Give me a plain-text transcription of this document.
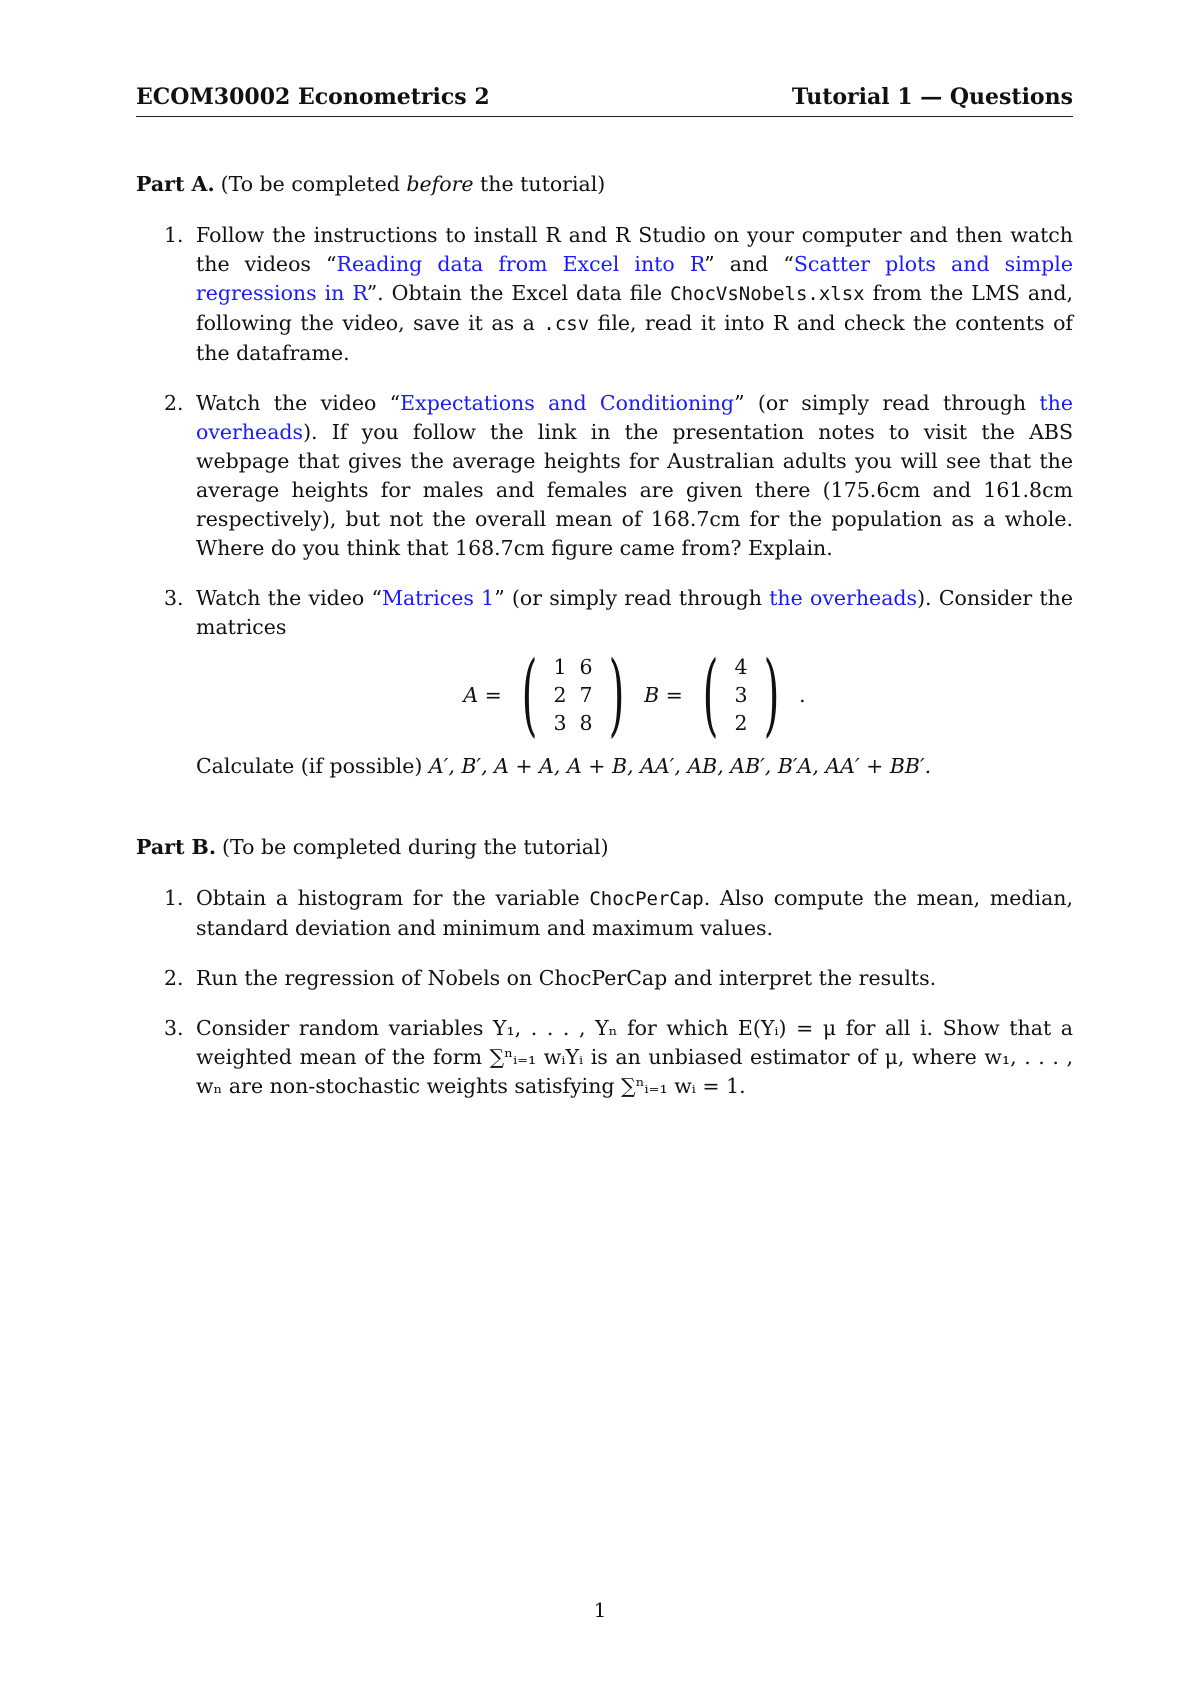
ECOM30002 Econometrics 2	Tutorial 1 — Questions

Part A. (To be completed before the tutorial)

1. Follow the instructions to install R and R Studio on your computer and then watch the videos “Reading data from Excel into R” and “Scatter plots and simple regressions in R”. Obtain the Excel data file ChocVsNobels.xlsx from the LMS and, following the video, save it as a .csv file, read it into R and check the contents of the dataframe.
2. Watch the video “Expectations and Conditioning” (or simply read through the overheads). If you follow the link in the presentation notes to visit the ABS webpage that gives the average heights for Australian adults you will see that the average heights for males and females are given there (175.6cm and 161.8cm respectively), but not the overall mean of 168.7cm for the population as a whole. Where do you think that 168.7cm figure came from? Explain.
3. Watch the video “Matrices 1” (or simply read through the overheads). Consider the matrices
A = ( 1 6
2 7
3 8 ) B = ( 4
3
2 ) .
Calculate (if possible) A′, B′, A + A, A + B, AA′, AB, AB′, B′A, AA′ + BB′.

Part B. (To be completed during the tutorial)

1. Obtain a histogram for the variable ChocPerCap. Also compute the mean, median, standard deviation and minimum and maximum values.
2. Run the regression of Nobels on ChocPerCap and interpret the results.
3. Consider random variables Y₁, . . . , Yₙ for which E(Yᵢ) = μ for all i. Show that a weighted mean of the form ∑ⁿᵢ₌₁ wᵢYᵢ is an unbiased estimator of μ, where w₁, . . . , wₙ are non-stochastic weights satisfying ∑ⁿᵢ₌₁ wᵢ = 1.
1
